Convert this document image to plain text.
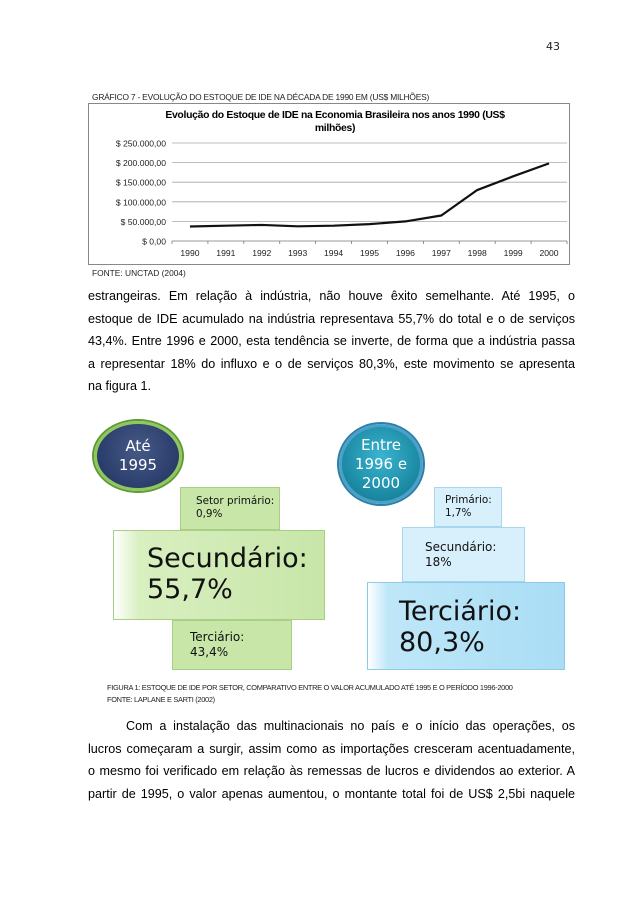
43
GRÁFICO 7 - EVOLUÇÃO DO ESTOQUE DE IDE NA DÉCADA DE 1990 EM (US$ MILHÕES)
Evolução do Estoque de IDE na Economia Brasileira nos anos 1990 (US$
milhões)
$ 0,00
$ 50.000,00
$ 100.000,00
$ 150.000,00
$ 200.000,00
$ 250.000,00
1990 1991 1992 1993 1994 1995 1996 1997 1998 1999 2000
FONTE: UNCTAD (2004)

estrangeiras. Em relação à indústria, não houve êxito semelhante. Até 1995, o

estoque de IDE acumulado na indústria representava 55,7% do total e o de serviços

43,4%. Entre 1996 e 2000, esta tendência se inverte, de forma que a indústria passa

a representar 18% do influxo e o de serviços 80,3%, este movimento se apresenta

na figura 1.

Setor primário:
0,9%
Terciário:
43,4%
Secundário:
55,7%
Até
1995
Primário:
1,7%
Secundário:
18%
Terciário:
80,3%
Entre
1996 e
2000
FIGURA 1: ESTOQUE DE IDE POR SETOR, COMPARATIVO ENTRE O VALOR ACUMULADO ATÉ 1995 E O PERÍODO 1996-2000
FONTE: LAPLANE E SARTI (2002)

Com a instalação das multinacionais no país e o início das operações, os

lucros começaram a surgir, assim como as importações cresceram acentuadamente,

o mesmo foi verificado em relação às remessas de lucros e dividendos ao exterior. A

partir de 1995, o valor apenas aumentou, o montante total foi de US$ 2,5bi naquele
